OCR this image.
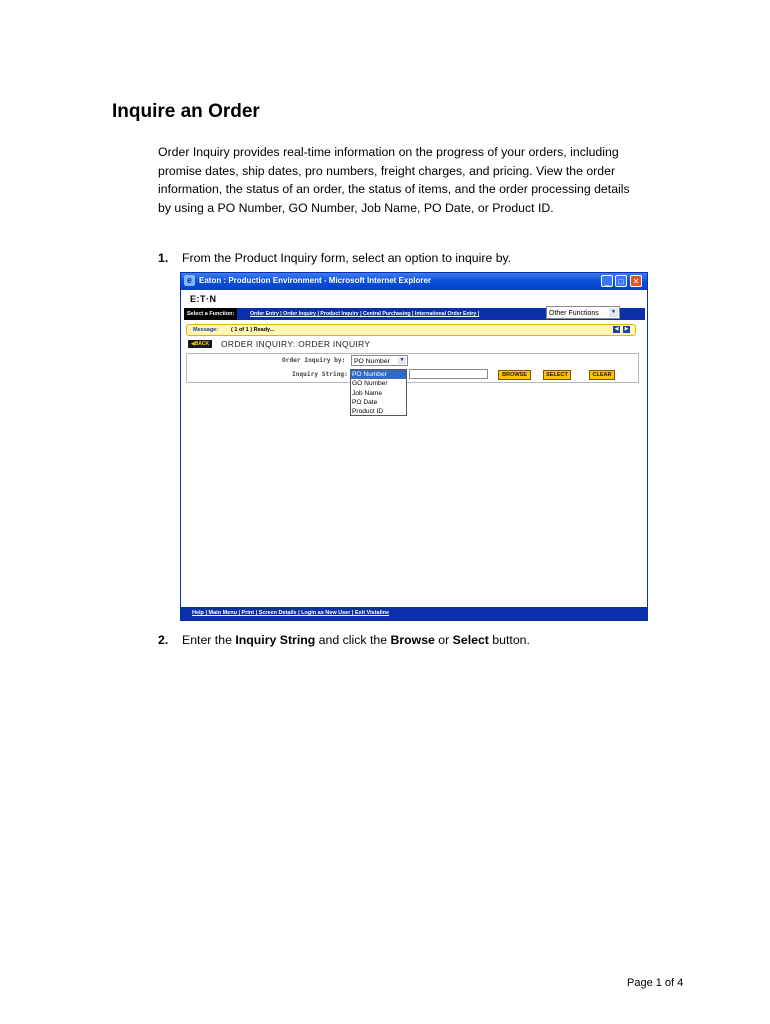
Inquire an Order

Order Inquiry provides real-time information on the progress of your orders, including
promise dates, ship dates, pro numbers, freight charges, and pricing. View the order
information, the status of an order, the status of items, and the order processing details
by using a PO Number, GO Number, Job Name, PO Date, or Product ID.

1. From the Product Inquiry form, select an option to inquire by.
e Eaton : Production Environment - Microsoft Internet Explorer	_	□	✕
E:T·N
Select a Function:	Order Entry | Order Inquiry | Product Inquiry | Central Purchasing | International Order Entry |	Other Functions	▼
Message: ( 1 of 1 ) Ready...	◀	▶
◀BACK	ORDER INQUIRY: ORDER INQUIRY
Order Inquiry by:	PO Number	▼
Inquiry String:	BROWSE	SELECT	CLEAR
PO Number
GO Number
Job Name
PO Date
Product ID
Help | Main Menu | Print | Screen Details | Login as New User | Exit Vistaline
2. Enter the Inquiry String and click the Browse or Select button.
Page 1 of 4
